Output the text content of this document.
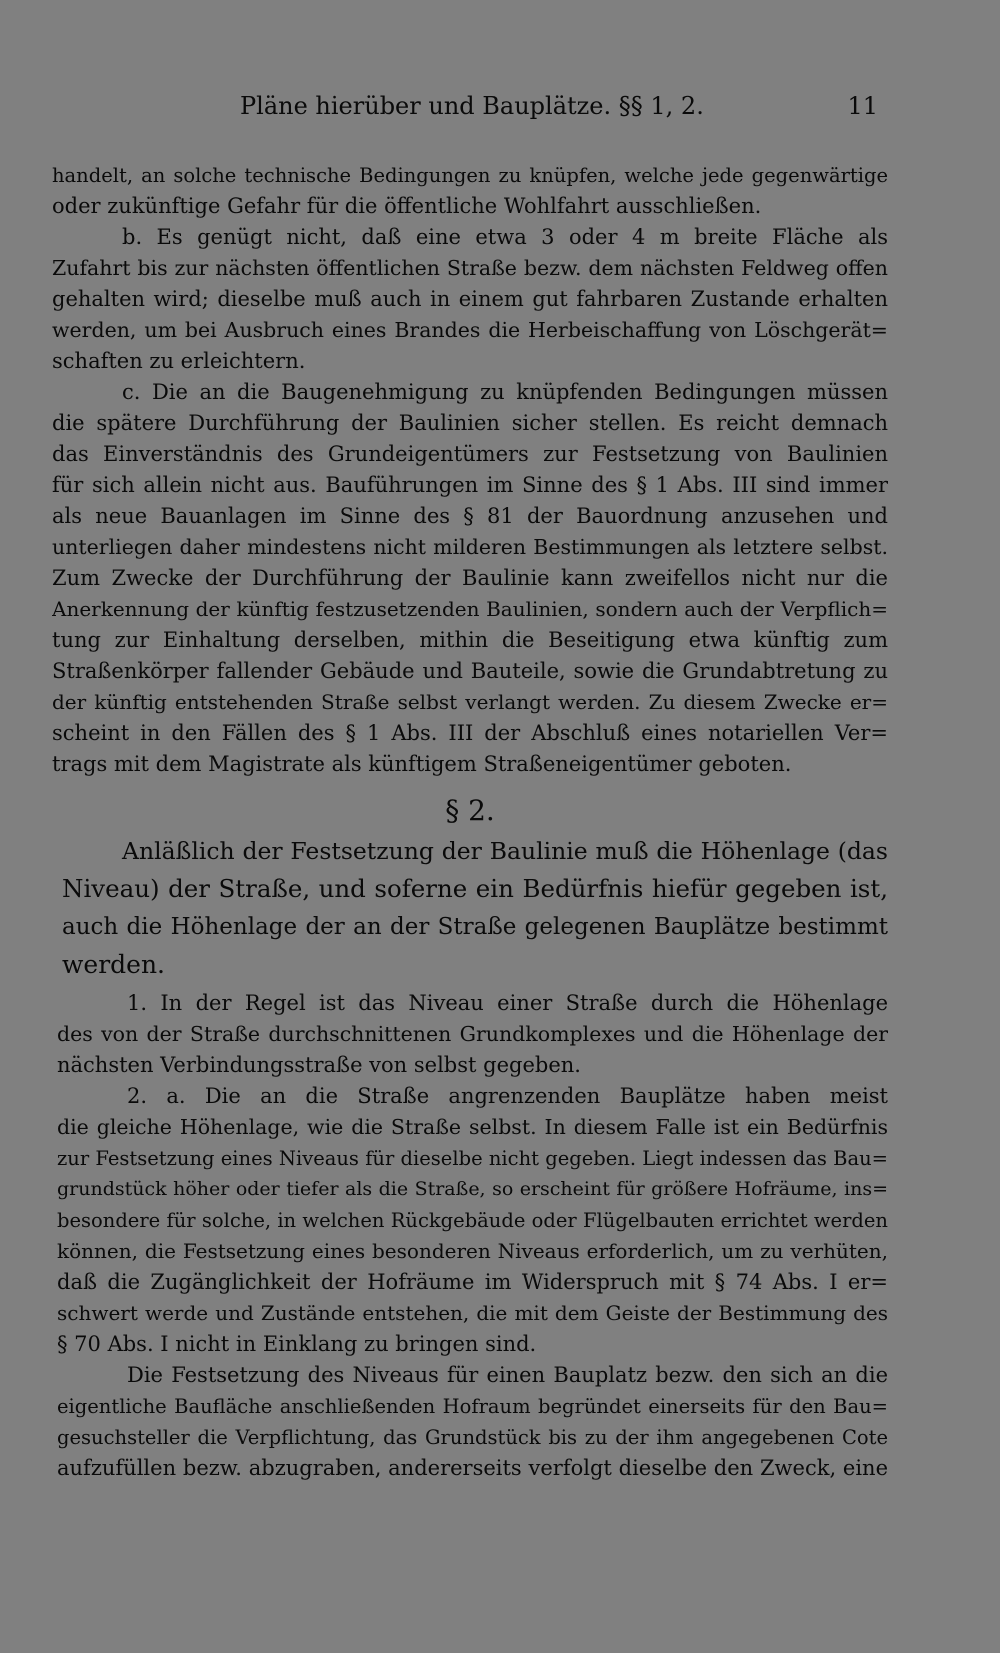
Pläne hierüber und Bauplätze. §§ 1, 2.	11

handelt, an solche technische Bedingungen zu knüpfen, welche jede gegenwärtige

oder zukünftige Gefahr für die öffentliche Wohlfahrt ausschließen.

b. Es genügt nicht, daß eine etwa 3 oder 4 m breite Fläche als

Zufahrt bis zur nächsten öffentlichen Straße bezw. dem nächsten Feldweg offen

gehalten wird; dieselbe muß auch in einem gut fahrbaren Zustande erhalten

werden, um bei Ausbruch eines Brandes die Herbeischaffung von Löschgerät=

schaften zu erleichtern.

c. Die an die Baugenehmigung zu knüpfenden Bedingungen müssen

die spätere Durchführung der Baulinien sicher stellen. Es reicht demnach

das Einverständnis des Grundeigentümers zur Festsetzung von Baulinien

für sich allein nicht aus. Bauführungen im Sinne des § 1 Abs. III sind immer

als neue Bauanlagen im Sinne des § 81 der Bauordnung anzusehen und

unterliegen daher mindestens nicht milderen Bestimmungen als letztere selbst.

Zum Zwecke der Durchführung der Baulinie kann zweifellos nicht nur die

Anerkennung der künftig festzusetzenden Baulinien, sondern auch der Verpflich=

tung zur Einhaltung derselben, mithin die Beseitigung etwa künftig zum

Straßenkörper fallender Gebäude und Bauteile, sowie die Grundabtretung zu

der künftig entstehenden Straße selbst verlangt werden. Zu diesem Zwecke er=

scheint in den Fällen des § 1 Abs. III der Abschluß eines notariellen Ver=

trags mit dem Magistrate als künftigem Straßeneigentümer geboten.

§ 2.

Anläßlich der Festsetzung der Baulinie muß die Höhenlage (das

Niveau) der Straße, und soferne ein Bedürfnis hiefür gegeben ist,

auch die Höhenlage der an der Straße gelegenen Bauplätze bestimmt

werden.

1. In der Regel ist das Niveau einer Straße durch die Höhenlage

des von der Straße durchschnittenen Grundkomplexes und die Höhenlage der

nächsten Verbindungsstraße von selbst gegeben.

2. a. Die an die Straße angrenzenden Bauplätze haben meist

die gleiche Höhenlage, wie die Straße selbst. In diesem Falle ist ein Bedürfnis

zur Festsetzung eines Niveaus für dieselbe nicht gegeben. Liegt indessen das Bau=

grundstück höher oder tiefer als die Straße, so erscheint für größere Hofräume, ins=

besondere für solche, in welchen Rückgebäude oder Flügelbauten errichtet werden

können, die Festsetzung eines besonderen Niveaus erforderlich, um zu verhüten,

daß die Zugänglichkeit der Hofräume im Widerspruch mit § 74 Abs. I er=

schwert werde und Zustände entstehen, die mit dem Geiste der Bestimmung des

§ 70 Abs. I nicht in Einklang zu bringen sind.

Die Festsetzung des Niveaus für einen Bauplatz bezw. den sich an die

eigentliche Baufläche anschließenden Hofraum begründet einerseits für den Bau=

gesuchsteller die Verpflichtung, das Grundstück bis zu der ihm angegebenen Cote

aufzufüllen bezw. abzugraben, andererseits verfolgt dieselbe den Zweck, eine
